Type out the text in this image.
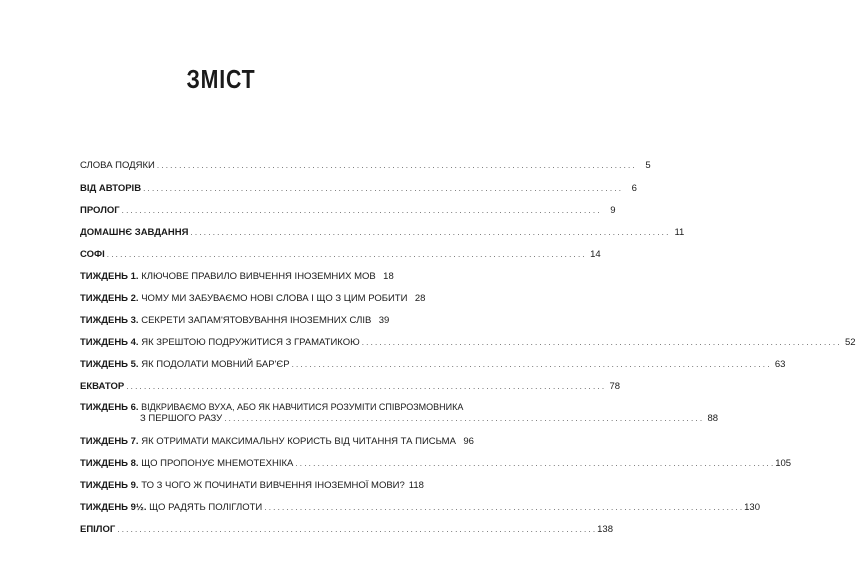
ЗМІСТ
СЛОВА ПОДЯКИ . . .	5
ВІД АВТОРІВ . . .	6
ПРОЛОГ . . .	9
ДОМАШНЄ ЗАВДАННЯ . . .	11
СОФІ . . .	14
ТИЖДЕНЬ 1. КЛЮЧОВЕ ПРАВИЛО ВИВЧЕННЯ ІНОЗЕМНИХ МОВ 18
ТИЖДЕНЬ 2. ЧОМУ МИ ЗАБУВАЄМО НОВІ СЛОВА І ЩО З ЦИМ РОБИТИ 28
ТИЖДЕНЬ 3. СЕКРЕТИ ЗАПАМ'ЯТОВУВАННЯ ІНОЗЕМНИХ СЛІВ 39
ТИЖДЕНЬ 4. ЯК ЗРЕШТОЮ ПОДРУЖИТИСЯ З ГРАМАТИКОЮ . . .	52
ТИЖДЕНЬ 5. ЯК ПОДОЛАТИ МОВНИЙ БАР'ЄР . . .	63
ЕКВАТОР . . .	78
ТИЖДЕНЬ 6. ВІДКРИВАЄМО ВУХА, АБО ЯК НАВЧИТИСЯ РОЗУМІТИ СПІВРОЗМОВНИКА
З ПЕРШОГО РАЗУ . . .	88
ТИЖДЕНЬ 7. ЯК ОТРИМАТИ МАКСИМАЛЬНУ КОРИСТЬ ВІД ЧИТАННЯ ТА ПИСЬМА 96
ТИЖДЕНЬ 8. ЩО ПРОПОНУЄ МНЕМОТЕХНІКА . . .	105
ТИЖДЕНЬ 9. ТО З ЧОГО Ж ПОЧИНАТИ ВИВЧЕННЯ ІНОЗЕМНОЇ МОВИ? 118
ТИЖДЕНЬ 9½. ЩО РАДЯТЬ ПОЛІГЛОТИ . . .	130
ЕПІЛОГ . . .	138
